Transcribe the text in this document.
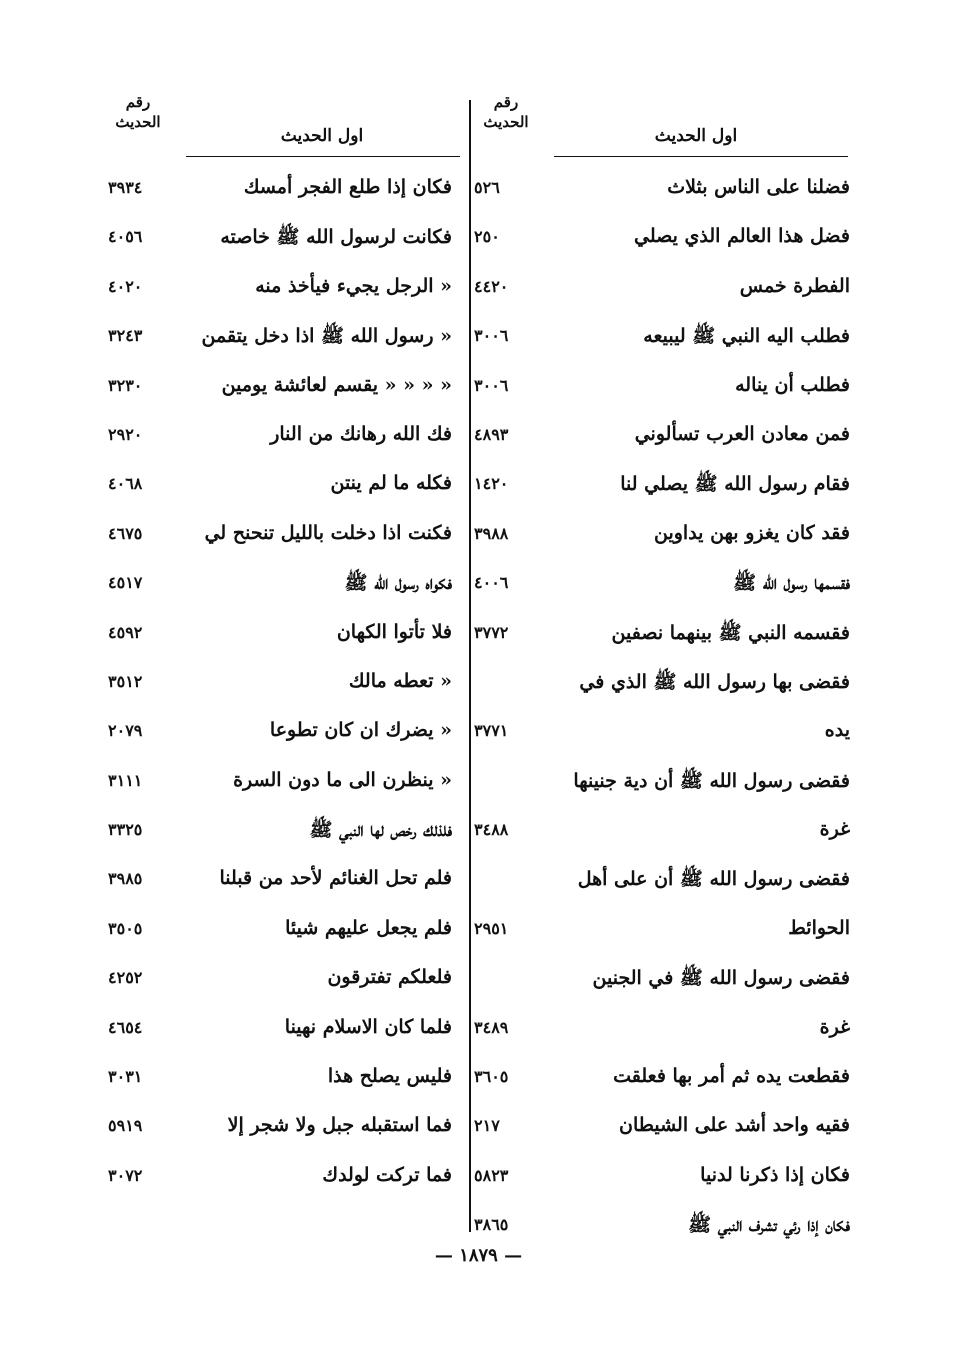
رقم
الحديث
اول الحديث
فضلنا على الناس بثلاث
٥٢٦
فضل هذا العالم الذي يصلي
٢٥٠
الفطرة خمس
٤٤٢٠
فطلب اليه النبي ﷺ ليبيعه
٣٠٠٦
فطلب أن يناله
٣٠٠٦
فمن معادن العرب تسألوني
٤٨٩٣
فقام رسول الله ﷺ يصلي لنا
١٤٢٠
فقد كان يغزو بهن يداوين
٣٩٨٨
فقسمها رسول الله ﷺ
٤٠٠٦
فقسمه النبي ﷺ بينهما نصفين
٣٧٧٢
فقضى بها رسول الله ﷺ الذي في
يده
٣٧٧١
فقضى رسول الله ﷺ أن دية جنينها
غرة
٣٤٨٨
فقضى رسول الله ﷺ أن على أهل
الحوائط
٢٩٥١
فقضى رسول الله ﷺ في الجنين
غرة
٣٤٨٩
فقطعت يده ثم أمر بها فعلقت
٣٦٠٥
فقيه واحد أشد على الشيطان
٢١٧
فكان إذا ذكرنا لدنيا
٥٨٢٣
فكان إذا رئي تشرف النبي ﷺ
٣٨٦٥
رقم
الحديث
اول الحديث
فكان إذا طلع الفجر أمسك
٣٩٣٤
فكانت لرسول الله ﷺ خاصته
٤٠٥٦
« الرجل يجيء فيأخذ منه
٤٠٢٠
« رسول الله ﷺ اذا دخل يتقمن
٣٢٤٣
« « « « يقسم لعائشة يومين
٣٢٣٠
فك الله رهانك من النار
٢٩٢٠
فكله ما لم ينتن
٤٠٦٨
فكنت اذا دخلت بالليل تنحنح لي
٤٦٧٥
فكواه رسول الله ﷺ
٤٥١٧
فلا تأتوا الكهان
٤٥٩٢
« تعطه مالك
٣٥١٢
« يضرك ان كان تطوعا
٢٠٧٩
« ينظرن الى ما دون السرة
٣١١١
فلذلك رخص لها النبي ﷺ
٣٣٢٥
فلم تحل الغنائم لأحد من قبلنا
٣٩٨٥
فلم يجعل عليهم شيئا
٣٥٠٥
فلعلكم تفترقون
٤٢٥٢
فلما كان الاسلام نهينا
٤٦٥٤
فليس يصلح هذا
٣٠٣١
فما استقبله جبل ولا شجر إلا
٥٩١٩
فما تركت لولدك
٣٠٧٢
— ١٨٧٩ —
